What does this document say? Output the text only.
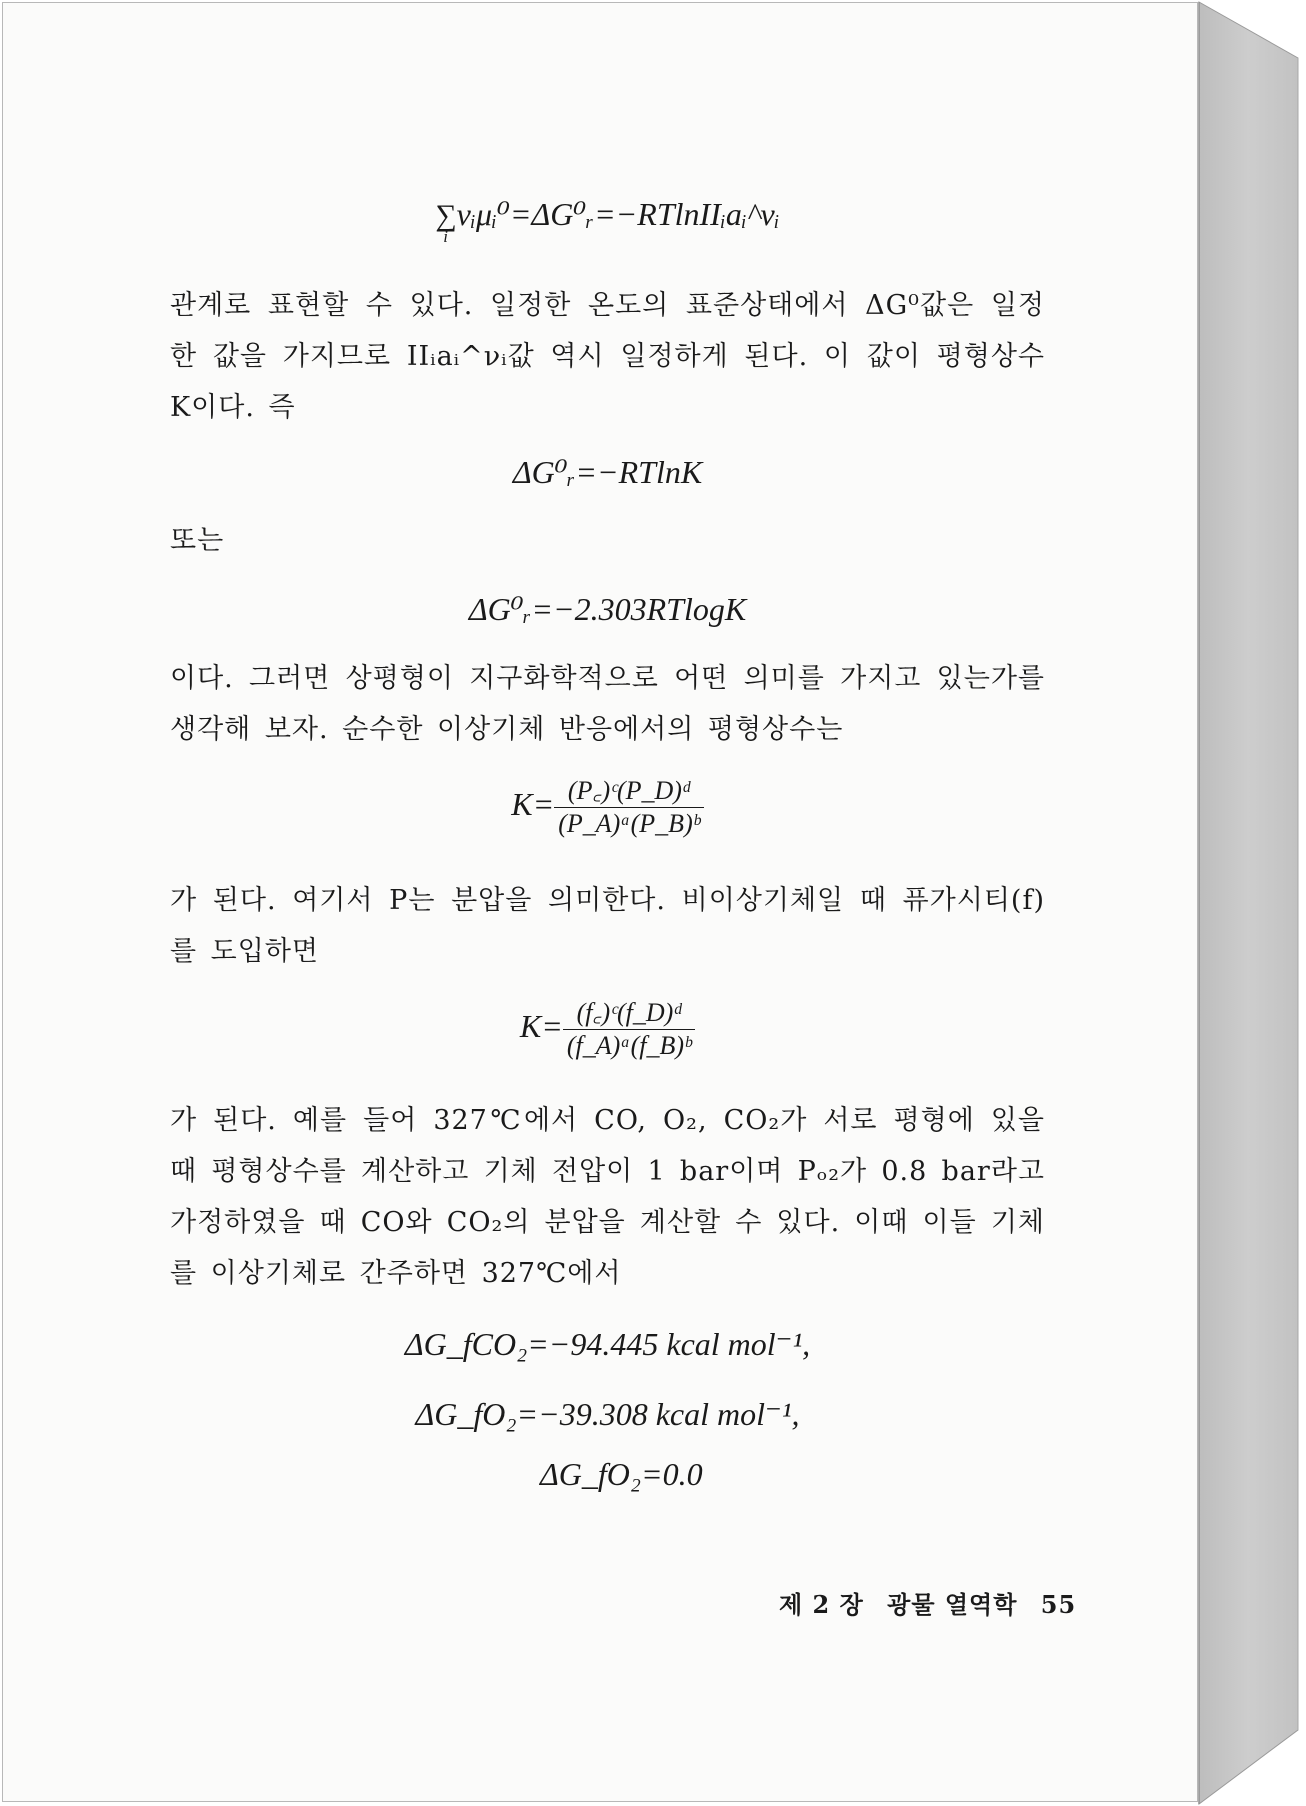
∑
i
νᵢμᵢ⁰=ΔG⁰ᵣ=−RTlnIIᵢaᵢ^νᵢ
관계로 표현할 수 있다. 일정한 온도의 표준상태에서 ΔG⁰값은 일정한 값을 가지므로 IIᵢaᵢ^νᵢ값 역시 일정하게 된다. 이 값이 평형상수 K이다. 즉
ΔG⁰ᵣ=−RTlnK
또는
ΔG⁰ᵣ=−2.303RTlogK
이다. 그러면 상평형이 지구화학적으로 어떤 의미를 가지고 있는가를 생각해 보자. 순수한 이상기체 반응에서의 평형상수는
$K= \frac{\text{(P꜀)ᶜ(P\_D)ᵈ}}{\text{(P\_A)ᵃ(P\_B)ᵇ}}$
가 된다. 여기서 P는 분압을 의미한다. 비이상기체일 때 퓨가시티(f)를 도입하면
$K= \frac{\text{(f꜀)ᶜ(f\_D)ᵈ}}{\text{(f\_A)ᵃ(f\_B)ᵇ}}$
가 된다. 예를 들어 327℃에서 CO, O₂, CO₂가 서로 평형에 있을 때 평형상수를 계산하고 기체 전압이 1 bar이며 Pₒ₂가 0.8 bar라고 가정하였을 때 CO와 CO₂의 분압을 계산할 수 있다. 이때 이들 기체를 이상기체로 간주하면 327℃에서
ΔG_fCO₂=−94.445 kcal mol⁻¹,
ΔG_fO₂=−39.308 kcal mol⁻¹,
ΔG_fO₂=0.0
제 2 장 광물 열역학 55
